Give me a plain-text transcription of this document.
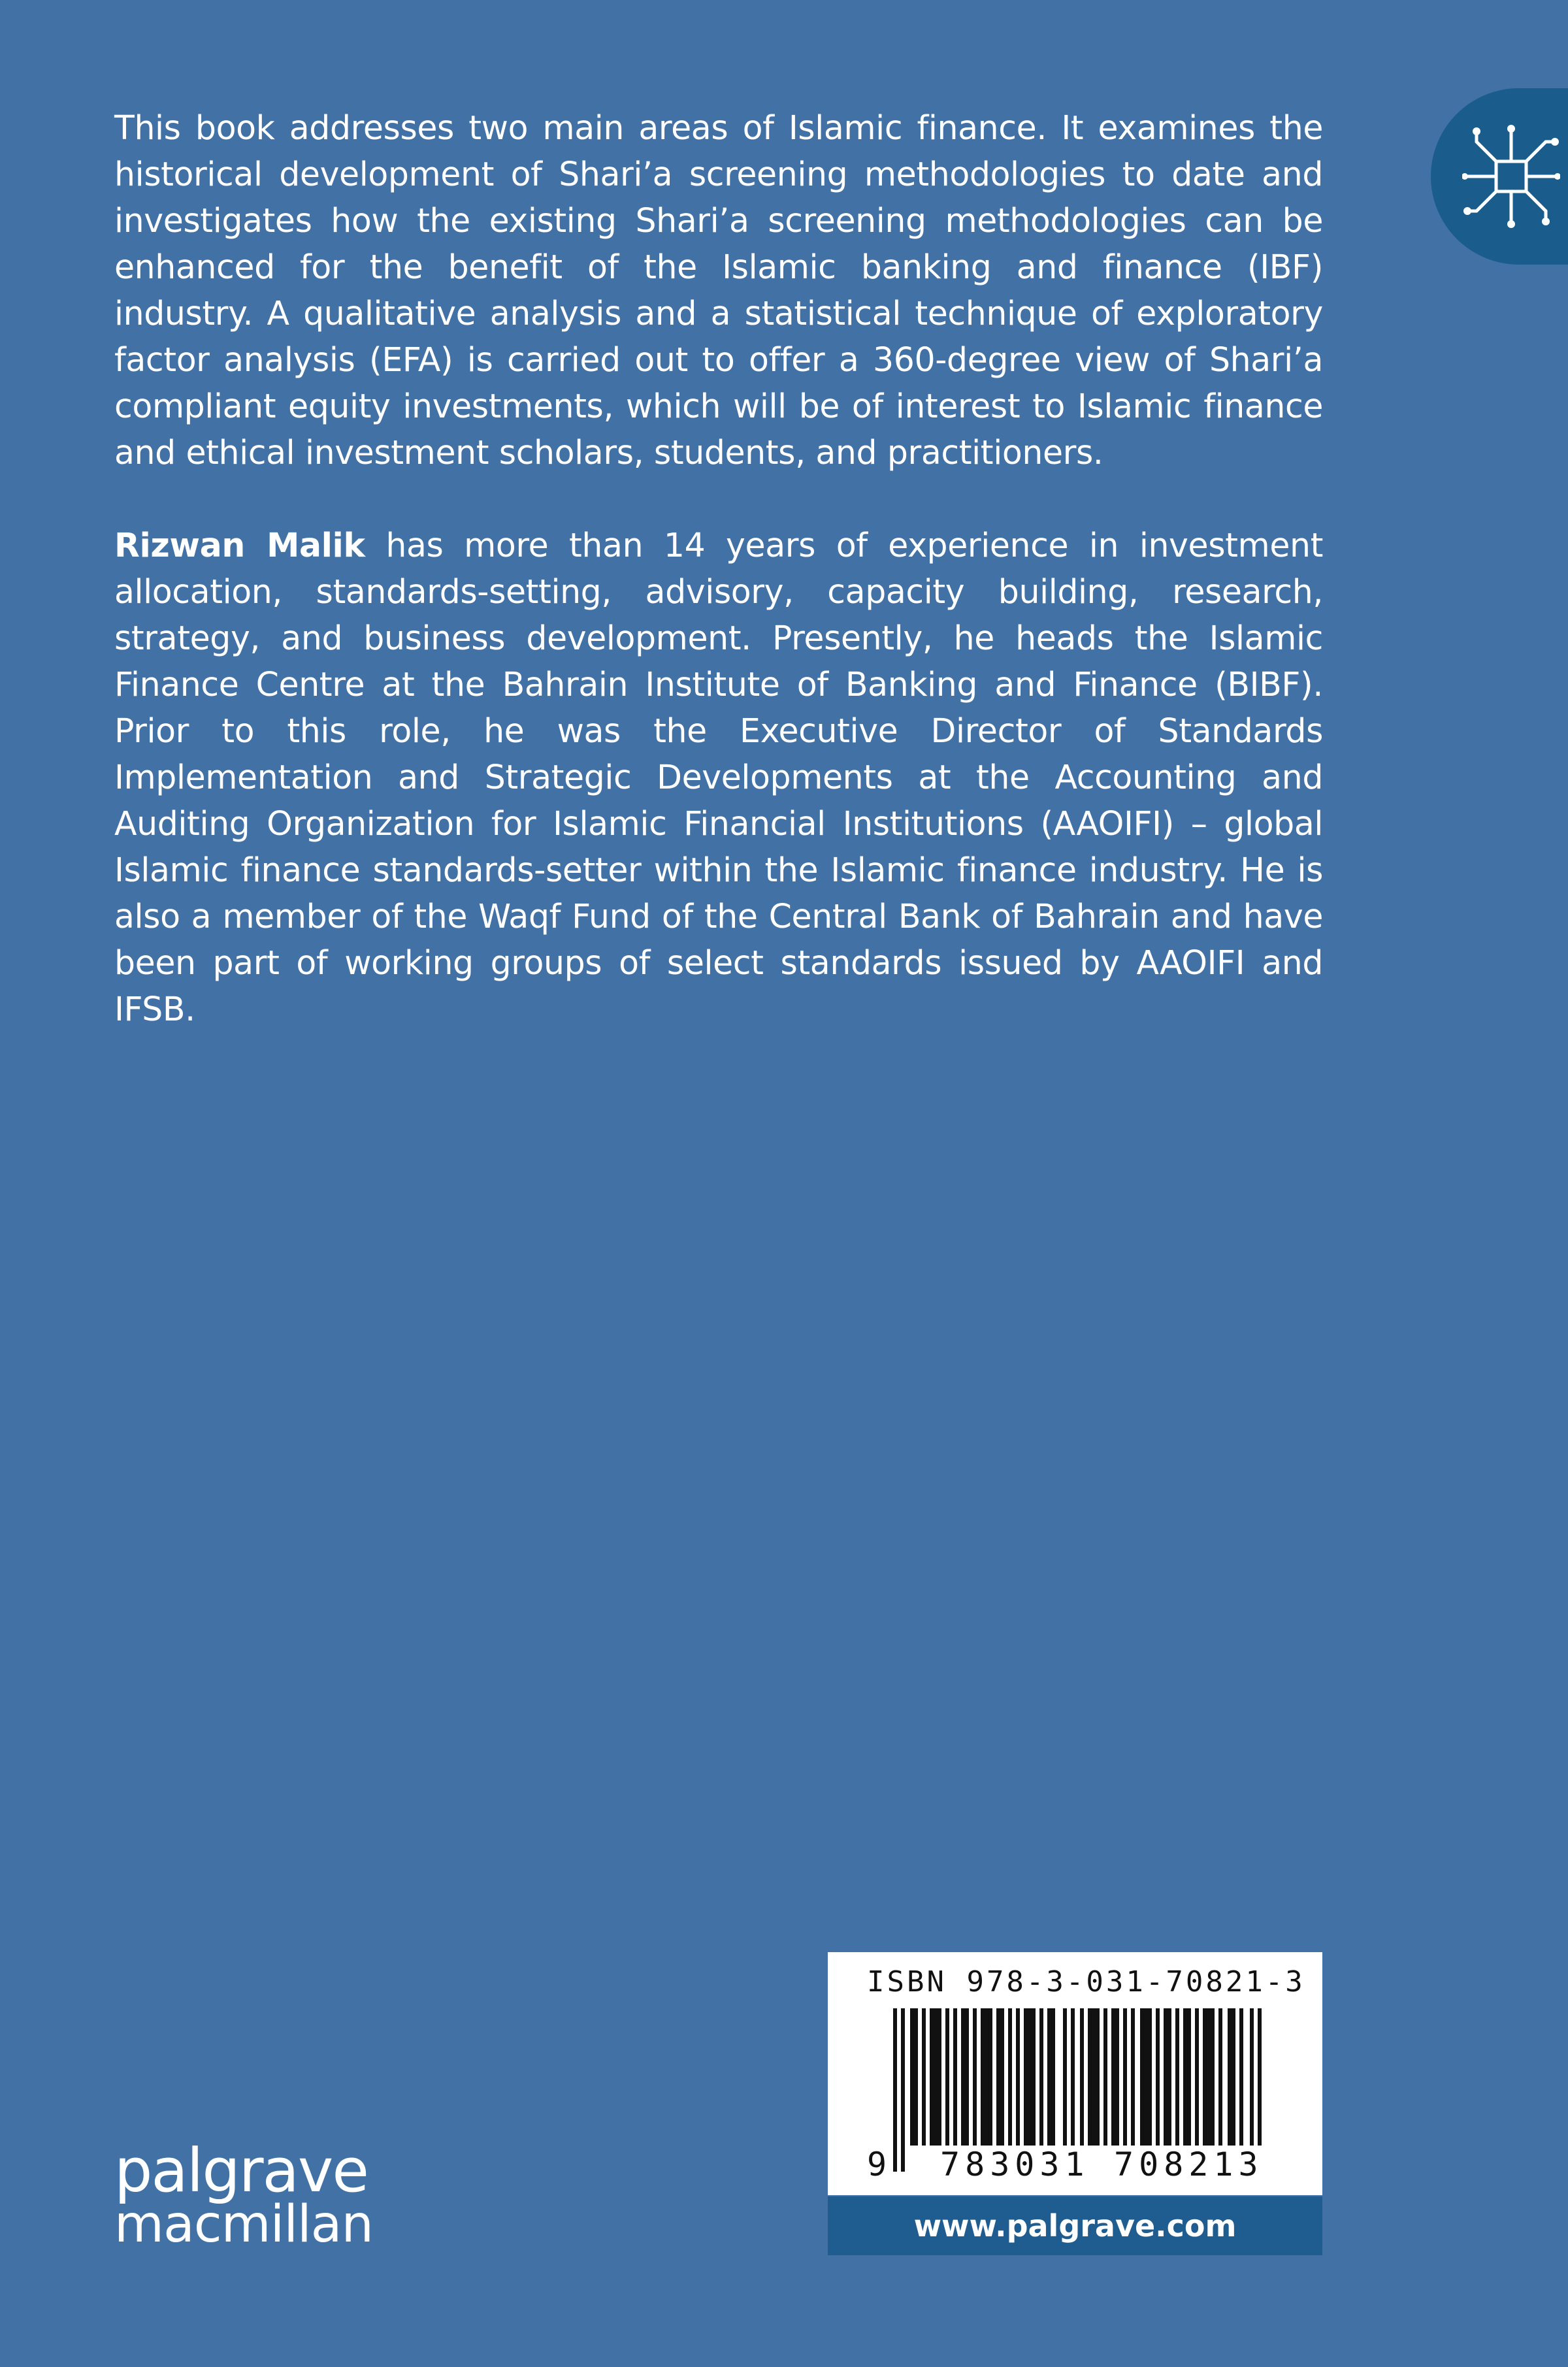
This book addresses two main areas of Islamic finance. It examines the historical development of Shari’a screening methodologies to date and investigates how the existing Shari’a screening methodologies can be enhanced for the benefit of the Islamic banking and finance (IBF) industry. A qualitative analysis and a statistical technique of exploratory factor analysis (EFA) is carried out to offer a 360-degree view of Shari’a compliant equity investments, which will be of interest to Islamic finance and ethical investment scholars, students, and practitioners.

Rizwan Malik has more than 14 years of experience in investment allocation, standards-setting, advisory, capacity building, research, strategy, and business development. Presently, he heads the Islamic Finance Centre at the Bahrain Institute of Banking and Finance (BIBF). Prior to this role, he was the Executive Director of Standards Implementation and Strategic Developments at the Accounting and Auditing Organization for Islamic Financial Institutions (AAOIFI) – global Islamic finance standards-setter within the Islamic finance industry. He is also a member of the Waqf Fund of the Central Bank of Bahrain and have been part of working groups of select standards issued by AAOIFI and IFSB.

palgrave
macmillan
ISBN 978-3-031-70821-3
9 783031 708213
www.palgrave.com
